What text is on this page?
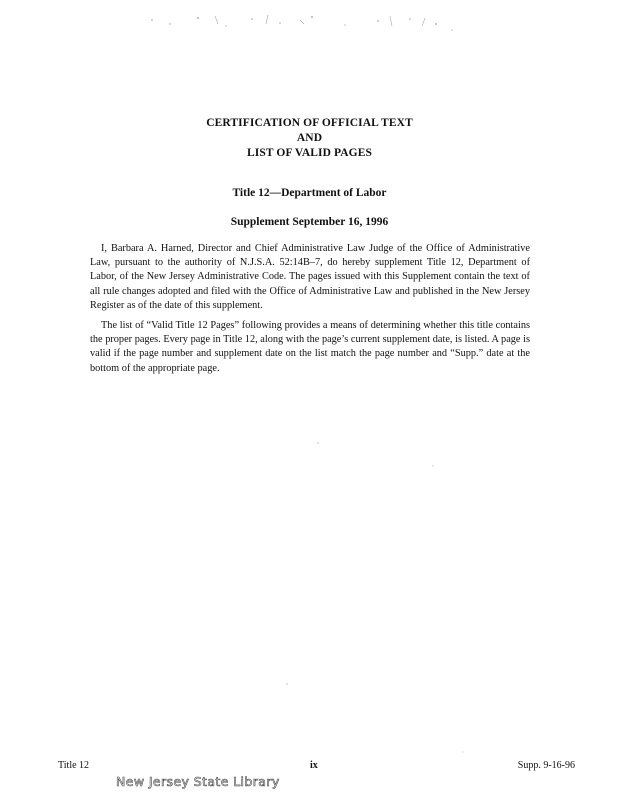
CERTIFICATION OF OFFICIAL TEXT
AND
LIST OF VALID PAGES
Title 12—Department of Labor
Supplement September 16, 1996

I, Barbara A. Harned, Director and Chief Administrative Law Judge of the Office of Administrative Law, pursuant to the authority of N.J.S.A. 52:14B–7, do hereby supplement Title 12, Department of Labor, of the New Jersey Administrative Code. The pages issued with this Supplement contain the text of all rule changes adopted and filed with the Office of Administrative Law and published in the New Jersey Register as of the date of this supplement.

The list of “Valid Title 12 Pages” following provides a means of determining whether this title contains the proper pages. Every page in Title 12, along with the page’s current supplement date, is listed. A page is valid if the page number and supplement date on the list match the page number and “Supp.” date at the bottom of the appropriate page.

Title 12	ix	Supp. 9-16-96
New Jersey State Library
